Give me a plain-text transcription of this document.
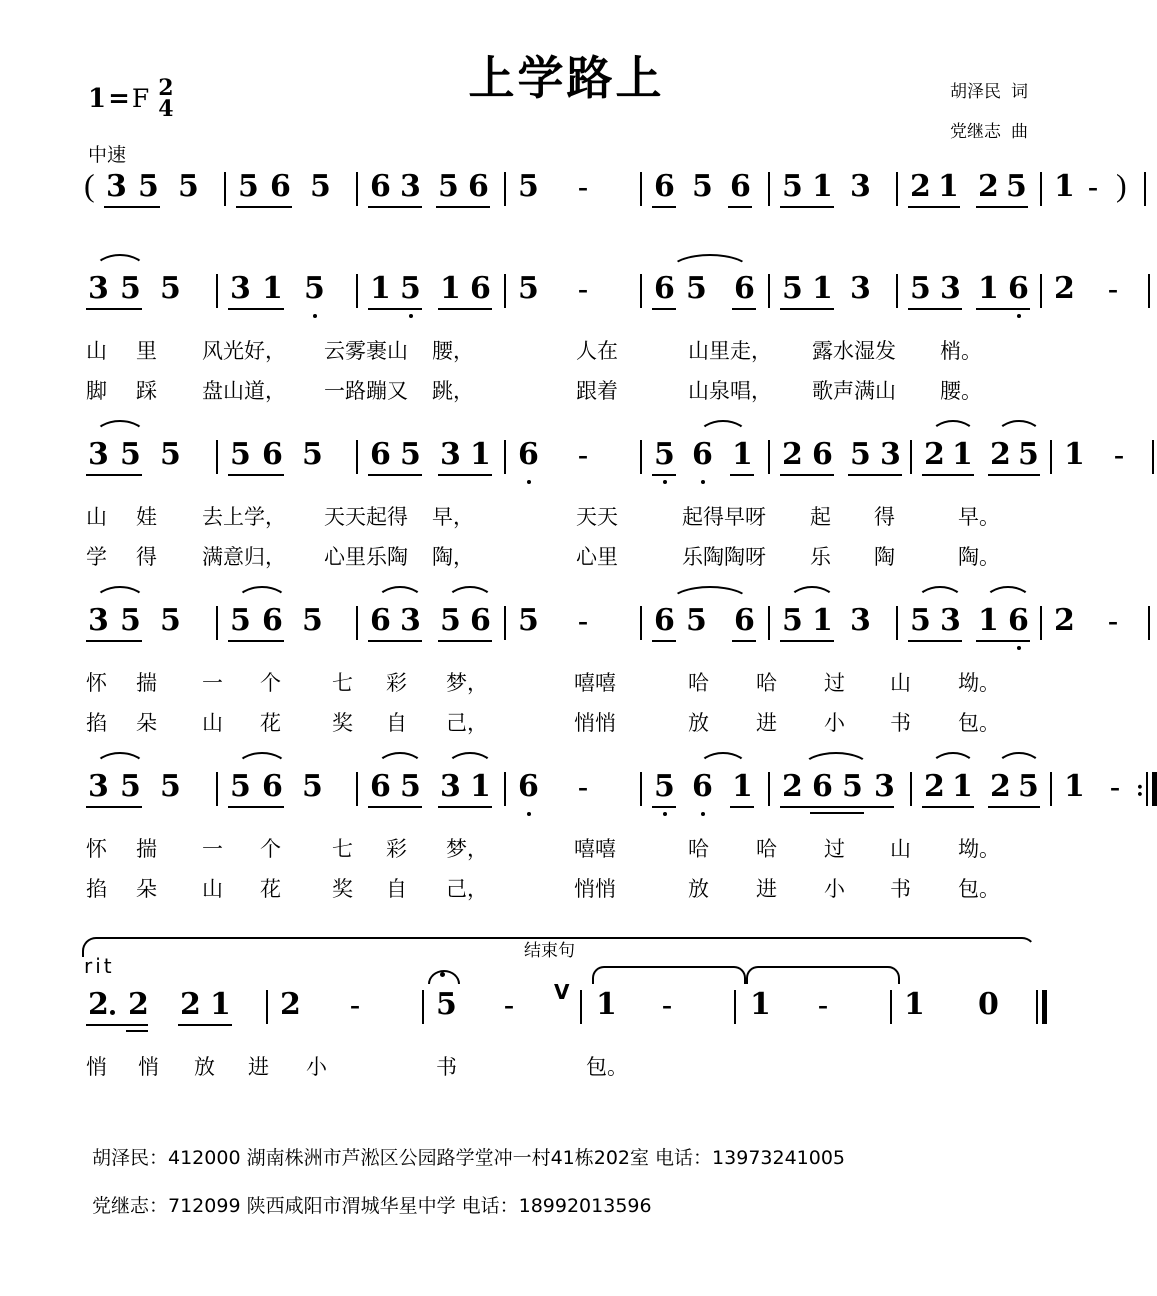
上学路上
1 = F 2
4
中速
胡泽民 词
党继志 曲
( 3 5 5 5 6 5 6 3 5 6 5 - 6 5 6 5 1 3 2 1 2 5 1 - )
3 5 5 3 1 5 1 5 1 6 5 - 6 5 6 5 1 3 5 3 1 6 2 -
山 里 风光好， 云雾裹山 腰，	人在	山里走， 露水湿发 梢。
脚 踩 盘山道， 一路蹦又 跳，	跟着	山泉唱， 歌声满山 腰。
3 5 5 5 6 5 6 5 3 1 6 - 5 6 1 2 6 5 3 2 1 2 5 1 -
山 娃 去上学， 天天起得 早，	天天	起得早呀 起 得	早。
学 得 满意归， 心里乐陶 陶，	心里	乐陶陶呀 乐 陶	陶。
3 5 5 5 6 5 6 3 5 6 5 - 6 5 6 5 1 3 5 3 1 6 2 -
怀 揣 一 个 七 彩 梦，	嘻嘻	哈 哈 过 山 坳。
掐 朵 山 花 奖 自 己，	悄悄	放 进 小 书 包。
3 5 5 5 6 5 6 5 3 1 6 - 5 6 1 2 6 5 3 2 1 2 5 1 - :
怀 揣 一 个 七 彩 梦，	嘻嘻	哈 哈 过 山 坳。
掐 朵 山 花 奖 自 己，	悄悄	放 进 小 书 包。
rit
结束句
2 2 2 1 2 -	5 - V 1 -	1 -	1 0
悄 悄 放 进 小	书	包。
胡泽民：412000 湖南株洲市芦淞区公园路学堂冲一村41栋202室 电话：13973241005
党继志：712099 陕西咸阳市渭城华星中学 电话：18992013596
